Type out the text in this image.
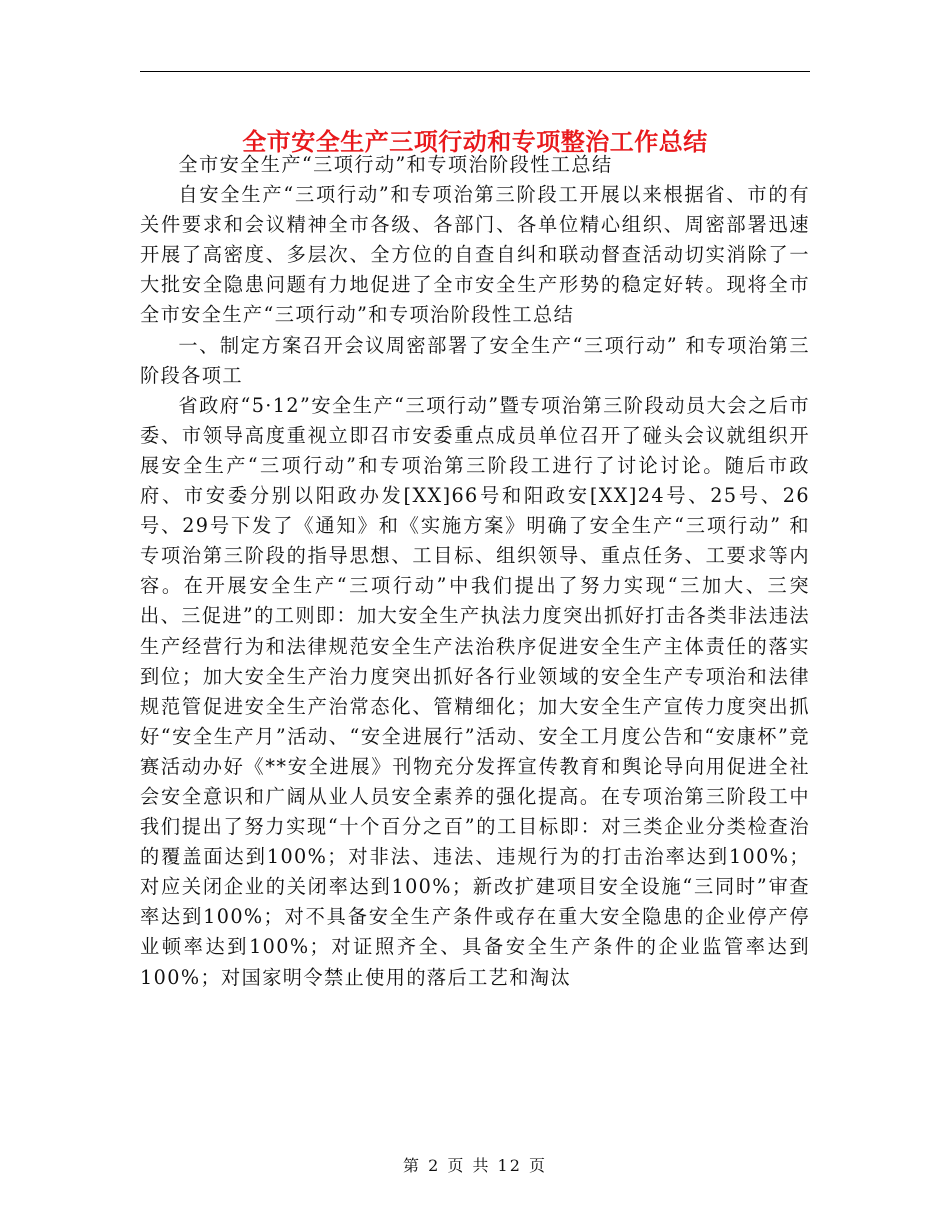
全市安全生产三项行动和专项整治工作总结

全市安全生产“三项行动”和专项治阶段性工总结

自安全生产“三项行动”和专项治第三阶段工开展以来根据省、市的有关件要求和会议精神全市各级、各部门、各单位精心组织、周密部署迅速开展了高密度、多层次、全方位的自查自纠和联动督查活动切实消除了一大批安全隐患问题有力地促进了全市安全生产形势的稳定好转。现将全市全市安全生产“三项行动”和专项治阶段性工总结

一、制定方案召开会议周密部署了安全生产“三项行动” 和专项治第三阶段各项工

省政府“5·12”安全生产“三项行动”暨专项治第三阶段动员大会之后市委、市领导高度重视立即召市安委重点成员单位召开了碰头会议就组织开展安全生产“三项行动”和专项治第三阶段工进行了讨论讨论。随后市政府、市安委分别以阳政办发[XX]66号和阳政安[XX]24号、25号、26号、29号下发了《通知》和《实施方案》明确了安全生产“三项行动” 和专项治第三阶段的指导思想、工目标、组织领导、重点任务、工要求等内容。在开展安全生产“三项行动”中我们提出了努力实现“三加大、三突出、三促进”的工则即：加大安全生产执法力度突出抓好打击各类非法违法生产经营行为和法律规范安全生产法治秩序促进安全生产主体责任的落实到位；加大安全生产治力度突出抓好各行业领域的安全生产专项治和法律规范管促进安全生产治常态化、管精细化；加大安全生产宣传力度突出抓好“安全生产月”活动、“安全进展行”活动、安全工月度公告和“安康杯”竞赛活动办好《**安全进展》刊物充分发挥宣传教育和舆论导向用促进全社会安全意识和广阔从业人员安全素养的强化提高。在专项治第三阶段工中我们提出了努力实现“十个百分之百”的工目标即：对三类企业分类检查治的覆盖面达到100%；对非法、违法、违规行为的打击治率达到100%；对应关闭企业的关闭率达到100%；新改扩建项目安全设施“三同时”审查率达到100%；对不具备安全生产条件或存在重大安全隐患的企业停产停业顿率达到100%；对证照齐全、具备安全生产条件的企业监管率达到100%；对国家明令禁止使用的落后工艺和淘汰

第 2 页 共 12 页
